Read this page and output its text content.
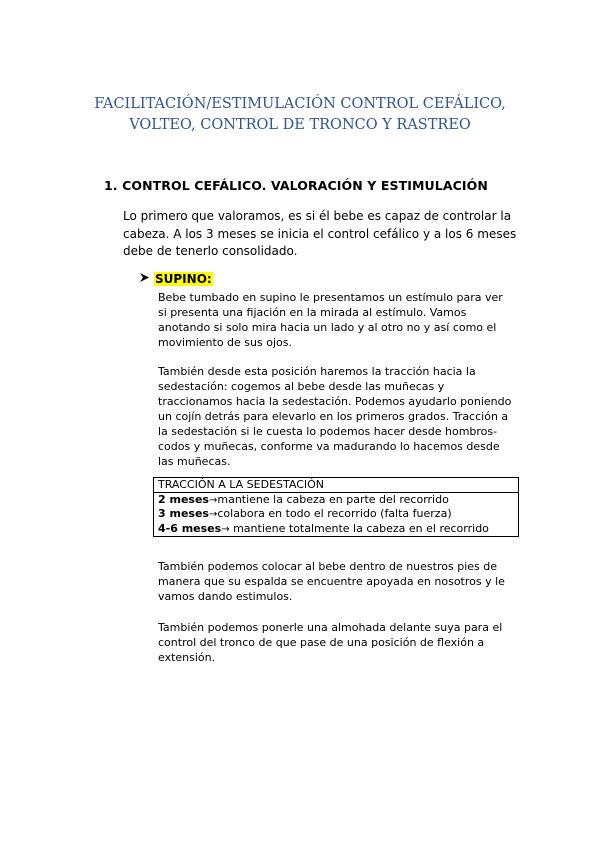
FACILITACIÓN/ESTIMULACIÓN CONTROL CEFÁLICO, VOLTEO, CONTROL DE TRONCO Y RASTREO
1. CONTROL CEFÁLICO. VALORACIÓN Y ESTIMULACIÓN
Lo primero que valoramos, es si él bebe es capaz de controlar la cabeza. A los 3 meses se inicia el control cefálico y a los 6 meses debe de tenerlo consolidado.
SUPINO:
Bebe tumbado en supino le presentamos un estímulo para ver si presenta una fijación en la mirada al estímulo. Vamos anotando si solo mira hacia un lado y al otro no y así como el movimiento de sus ojos.
También desde esta posición haremos la tracción hacia la sedestación: cogemos al bebe desde las muñecas y traccionamos hacia la sedestación. Podemos ayudarlo poniendo un cojín detrás para elevarlo en los primeros grados. Tracción a la sedestación si le cuesta lo podemos hacer desde hombros-codos y muñecas, conforme va madurando lo hacemos desde las muñecas.
TRACCIÓN A LA SEDESTACIÓN
2 meses→mantiene la cabeza en parte del recorrido
3 meses→colabora en todo el recorrido (falta fuerza)
4-6 meses→ mantiene totalmente la cabeza en el recorrido
También podemos colocar al bebe dentro de nuestros pies de manera que su espalda se encuentre apoyada en nosotros y le vamos dando estimulos.
También podemos ponerle una almohada delante suya para el control del tronco de que pase de una posición de flexión a extensión.
